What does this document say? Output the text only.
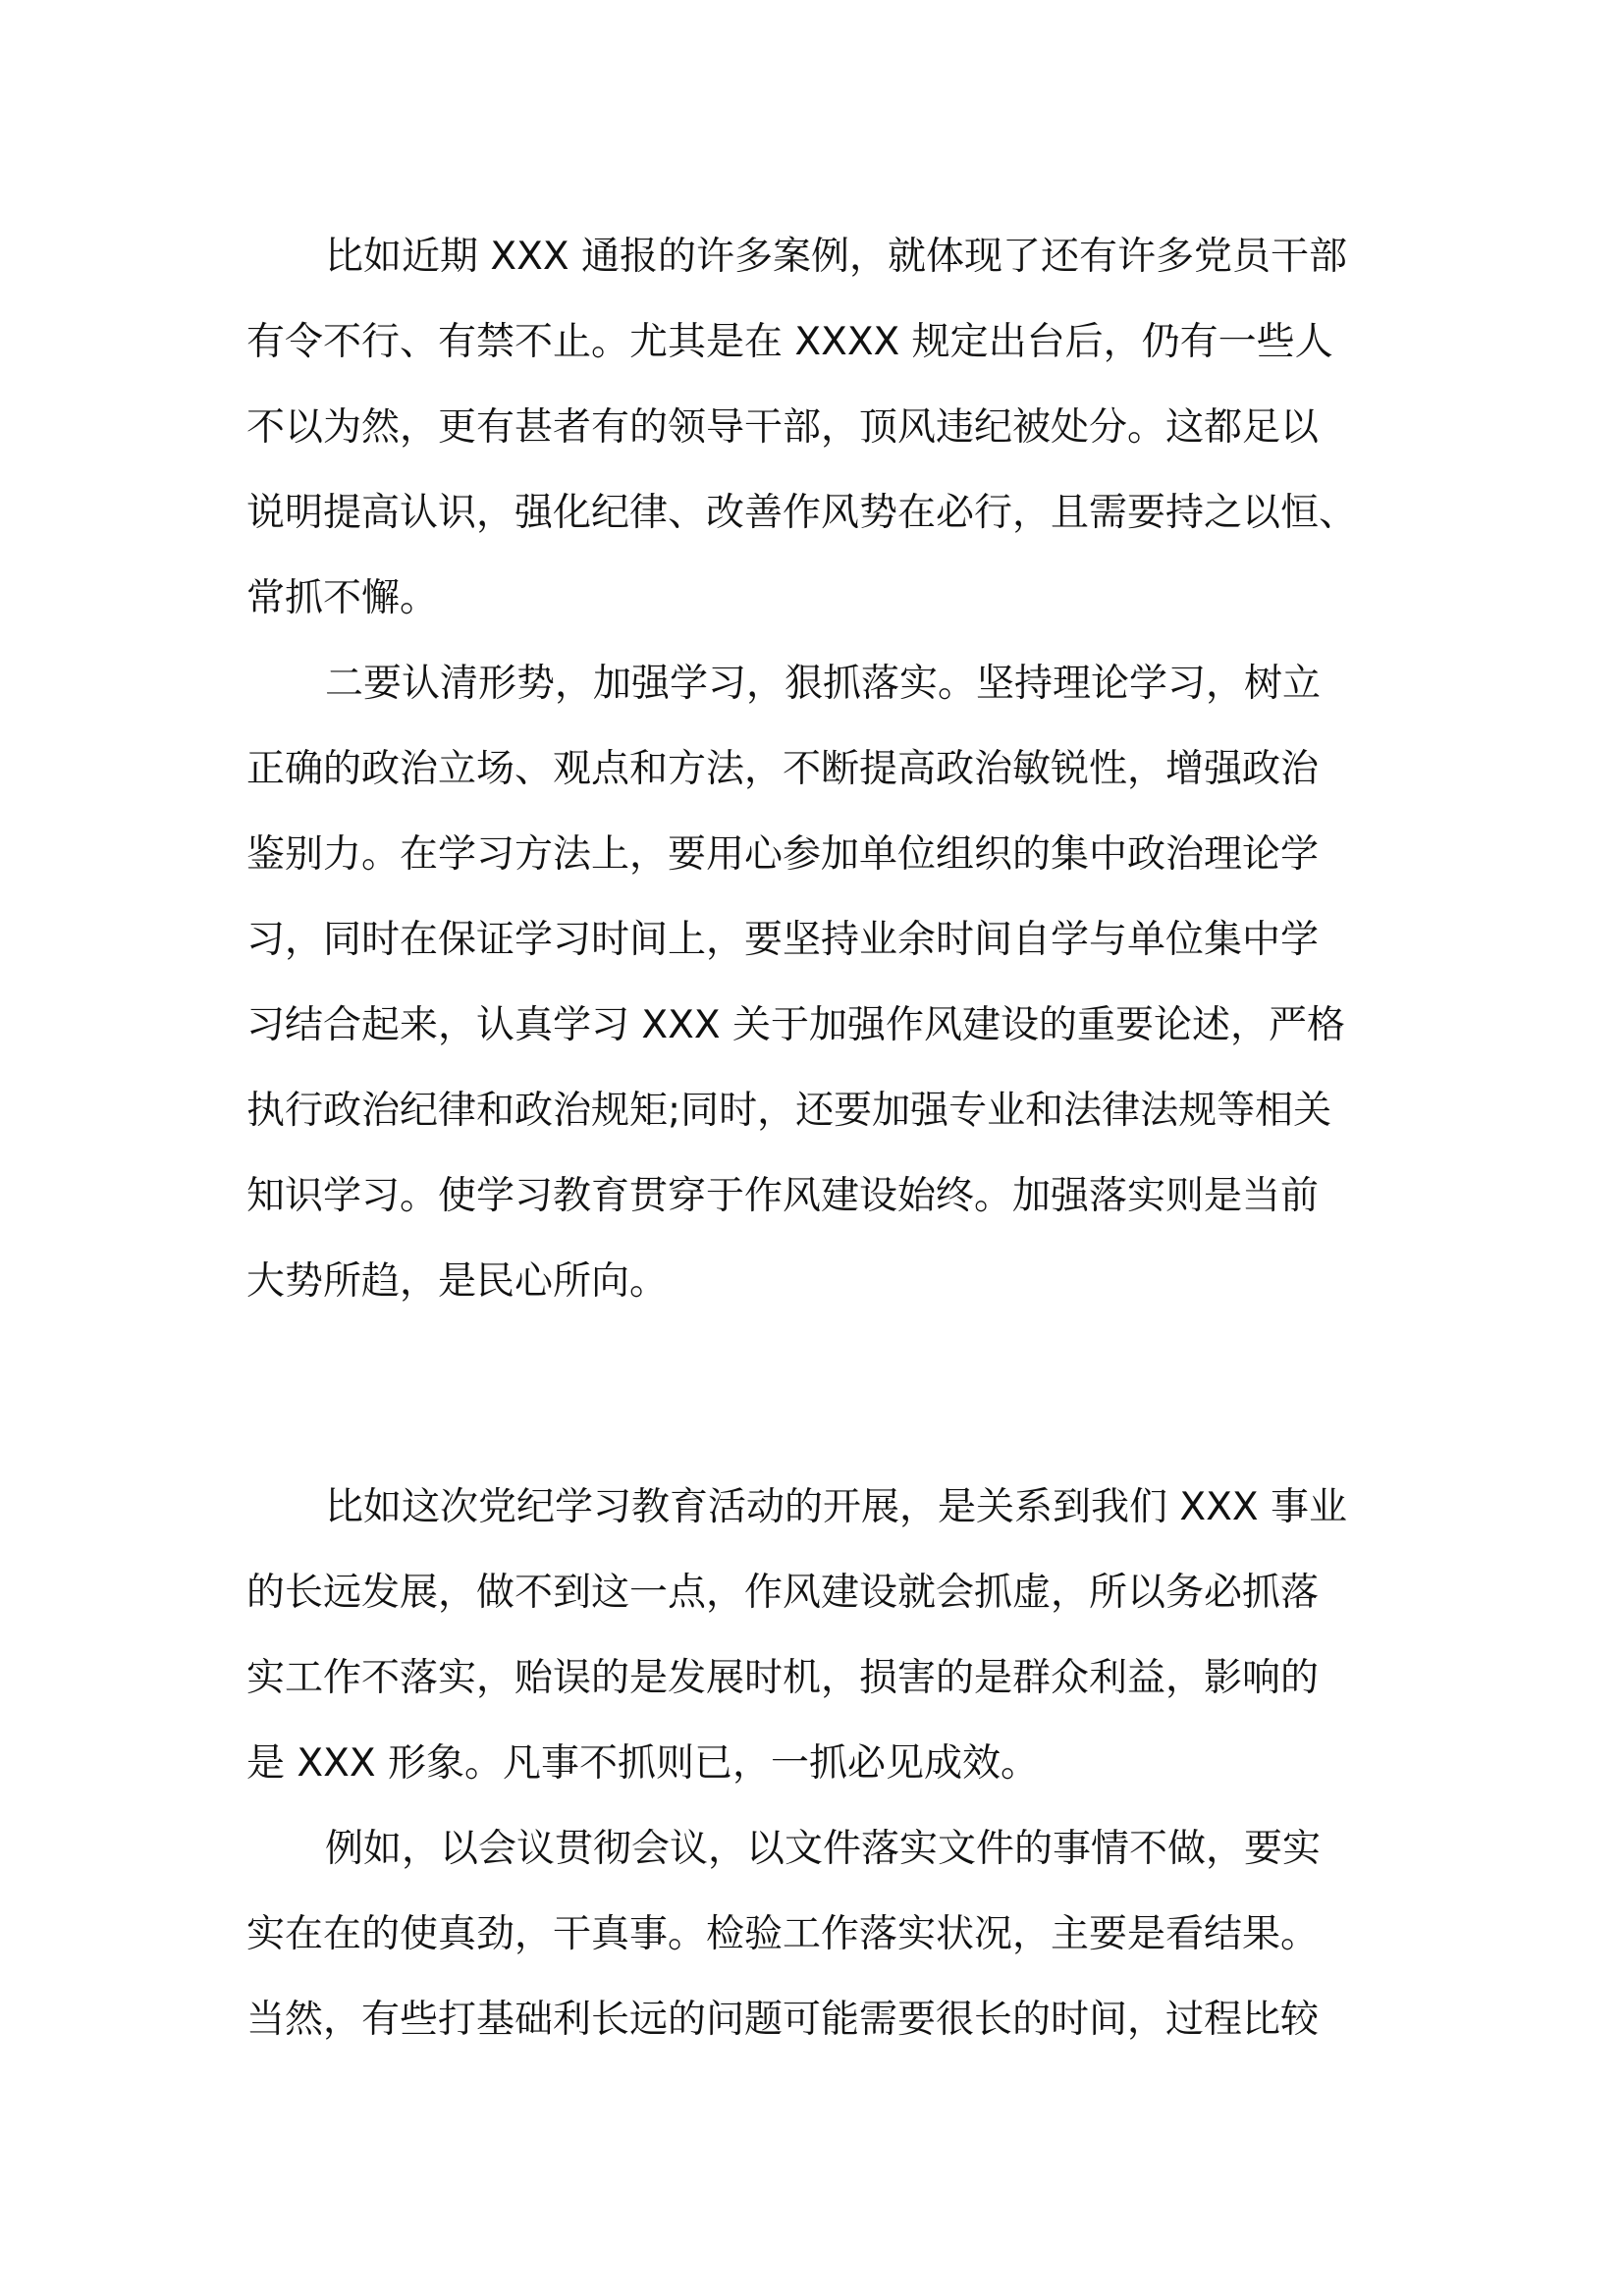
比如近期 XXX 通报的许多案例，就体现了还有许多党员干部
有令不行、有禁不止。尤其是在 XXXX 规定出台后，仍有一些人
不以为然，更有甚者有的领导干部，顶风违纪被处分。这都足以
说明提高认识，强化纪律、改善作风势在必行，且需要持之以恒、
常抓不懈。
二要认清形势，加强学习，狠抓落实。坚持理论学习，树立
正确的政治立场、观点和方法，不断提高政治敏锐性，增强政治
鉴别力。在学习方法上，要用心参加单位组织的集中政治理论学
习，同时在保证学习时间上，要坚持业余时间自学与单位集中学
习结合起来，认真学习 XXX 关于加强作风建设的重要论述，严格
执行政治纪律和政治规矩;同时，还要加强专业和法律法规等相关
知识学习。使学习教育贯穿于作风建设始终。加强落实则是当前
大势所趋，是民心所向。
比如这次党纪学习教育活动的开展，是关系到我们 XXX 事业
的长远发展，做不到这一点，作风建设就会抓虚，所以务必抓落
实工作不落实，贻误的是发展时机，损害的是群众利益，影响的
是 XXX 形象。凡事不抓则已，一抓必见成效。
例如，以会议贯彻会议，以文件落实文件的事情不做，要实
实在在的使真劲，干真事。检验工作落实状况，主要是看结果。
当然，有些打基础利长远的问题可能需要很长的时间，过程比较
